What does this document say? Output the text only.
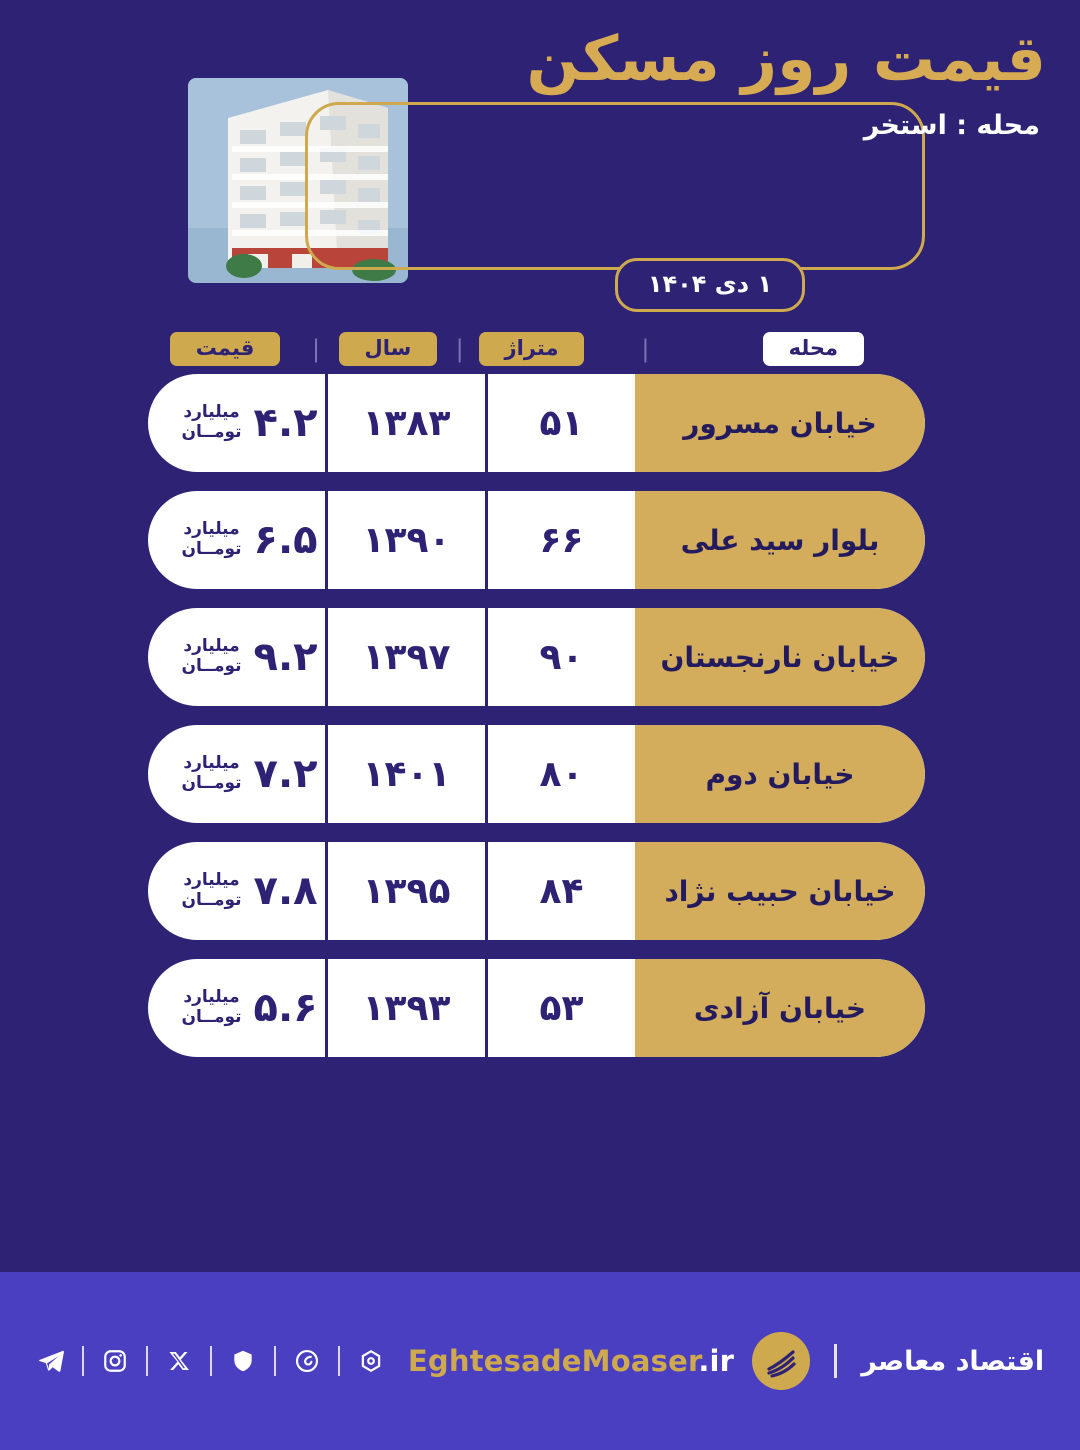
قیمت روز مسکن
محله : استخر
۱ دی ۱۴۰۴
محله
|
متراژ
|
سال
|
قیمت
خیابان مسرور
۵۱
۱۳۸۳
۴.۲
میلیارد
تومــان
بلوار سید علی
۶۶
۱۳۹۰
۶.۵
میلیارد
تومــان
خیابان نارنجستان
۹۰
۱۳۹۷
۹.۲
میلیارد
تومــان
خیابان دوم
۸۰
۱۴۰۱
۷.۲
میلیارد
تومــان
خیابان حبیب نژاد
۸۴
۱۳۹۵
۷.۸
میلیارد
تومــان
خیابان آزادی
۵۳
۱۳۹۳
۵.۶
میلیارد
تومــان
اقتصاد معاصر
EghtesadeMoaser.ir
